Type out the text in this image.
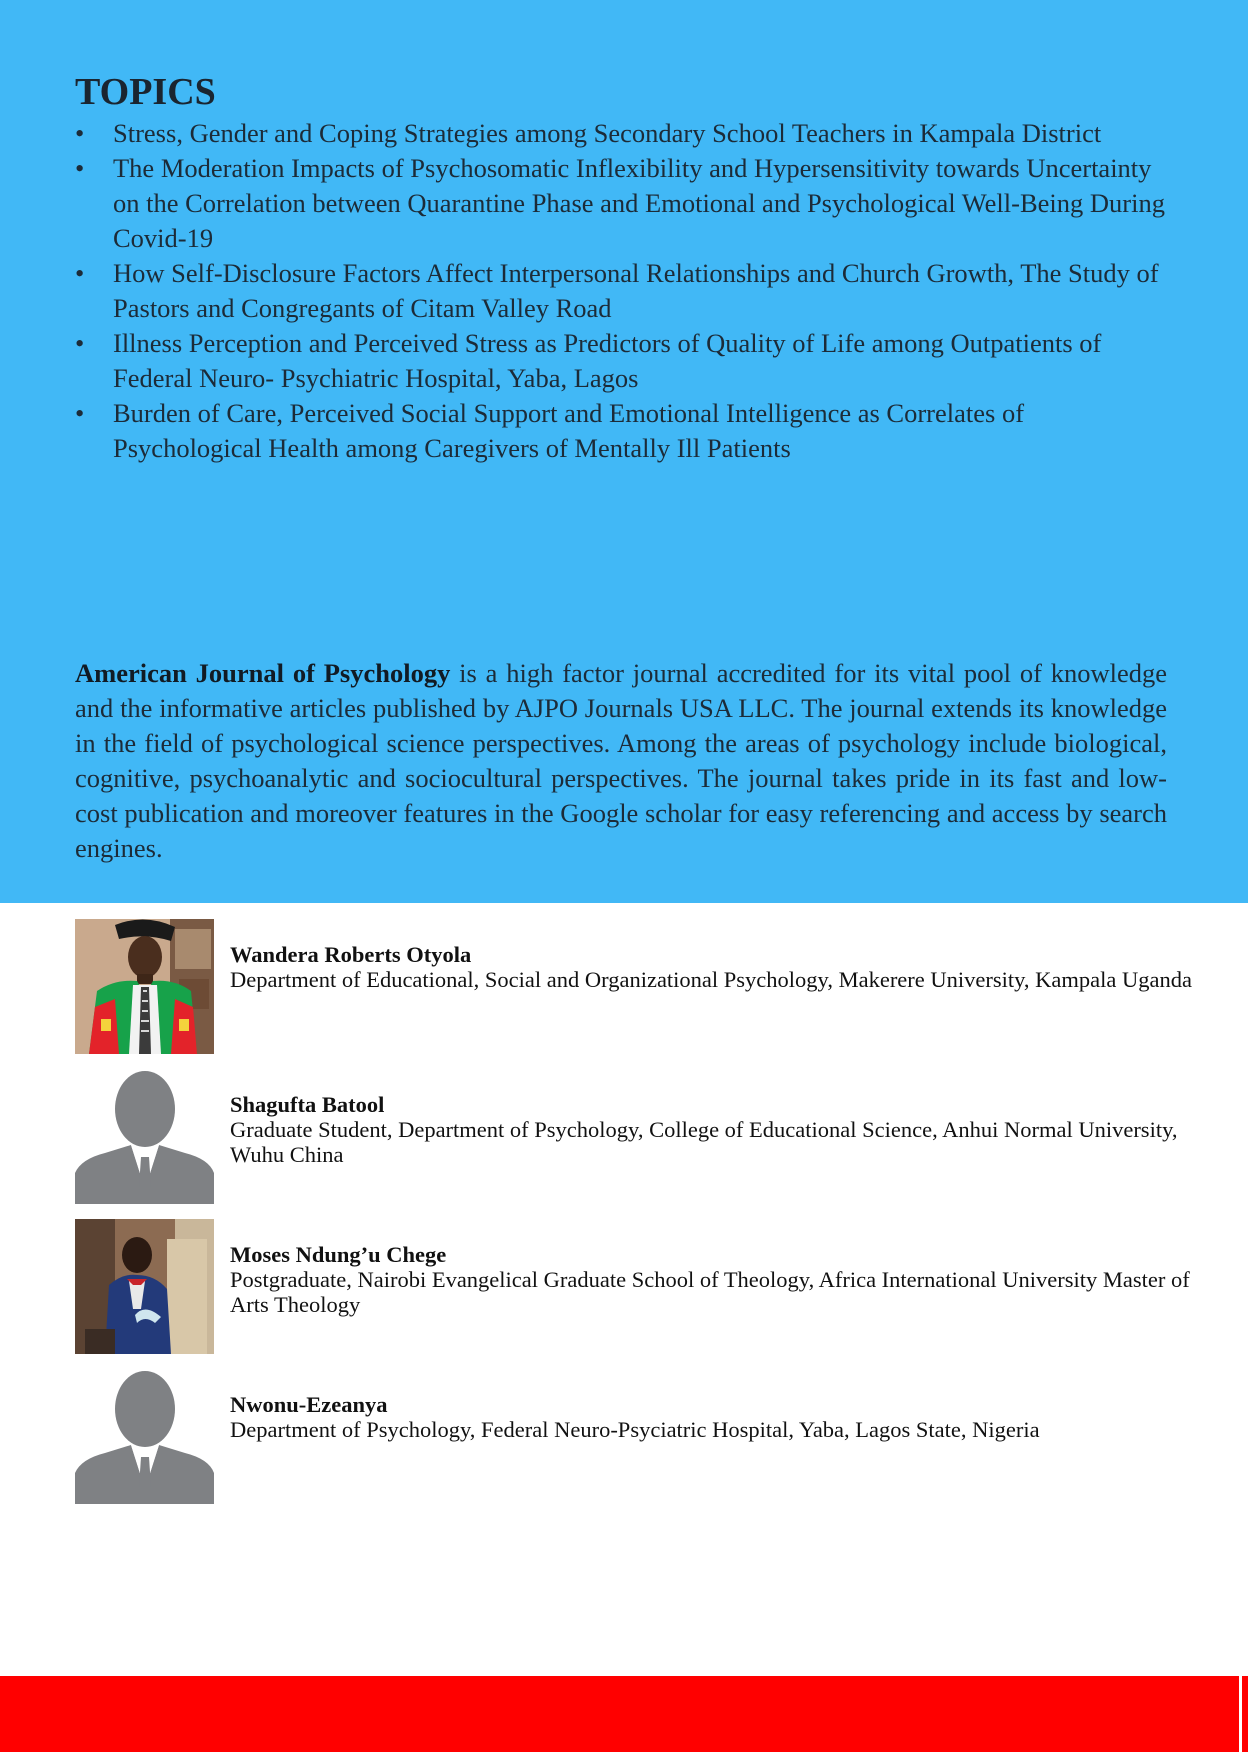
TOPICS
•	Stress, Gender and Coping Strategies among Secondary School Teachers in Kampala District
•	The Moderation Impacts of Psychosomatic Inflexibility and Hypersensitivity towards Uncertainty on the Correlation between Quarantine Phase and Emotional and Psychological Well-Being During Covid-19
•	How Self-Disclosure Factors Affect Interpersonal Relationships and Church Growth, The Study of Pastors and Congregants of Citam Valley Road
•	Illness Perception and Perceived Stress as Predictors of Quality of Life among Outpatients of Federal Neuro- Psychiatric Hospital, Yaba, Lagos
•	Burden of Care, Perceived Social Support and Emotional Intelligence as Correlates of Psychological Health among Caregivers of Mentally Ill Patients

American Journal of Psychology is a high factor journal accredited for its vital pool of knowledge and the informative articles published by AJPO Journals USA LLC. The journal extends its knowledge in the field of psychological science perspectives. Among the areas of psychology include biological, cognitive, psychoanalytic and sociocultural perspectives. The journal takes pride in its fast and low-cost publication and moreover features in the Google scholar for easy referencing and access by search engines.

Wandera Roberts Otyola
Department of Educational, Social and Organizational Psychology, Makerere University, Kampala Uganda
Shagufta Batool
Graduate Student, Department of Psychology, College of Educational Science, Anhui Normal University, Wuhu China
Moses Ndung’u Chege
Postgraduate, Nairobi Evangelical Graduate School of Theology, Africa International University Master of Arts Theology
Nwonu-Ezeanya
Department of Psychology, Federal Neuro-Psyciatric Hospital, Yaba, Lagos State, Nigeria
